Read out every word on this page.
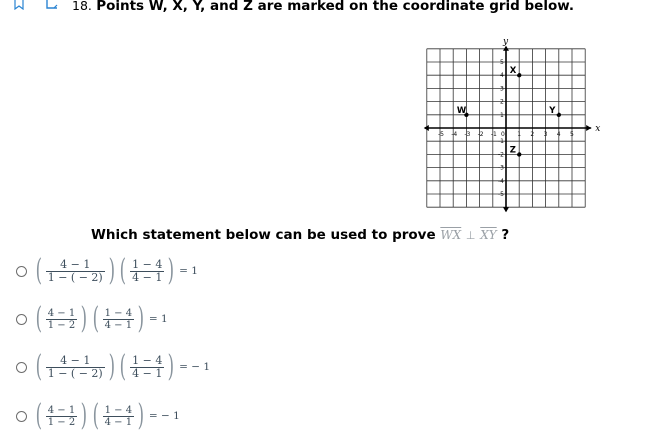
18. Points W, X, Y, and Z are marked on the coordinate grid below.
x
y
-5 -4 -3 -2 -1 0 1 2 3 4 5
1
2
3
4
5
-1
-2
-3
-4
-5
W
X
Y
Z
Which statement below can be used to prove $\overline{WX}$ ⊥ $\overline{XY}$ ?
( $\frac{4 - 1}{1 - ( - 2)}$ ) ( $\frac{1 - 4}{4 - 1}$ ) = 1
( $\frac{4 - 1}{1 - 2}$ ) ( $\frac{1 - 4}{4 - 1}$ ) = 1
( $\frac{4 - 1}{1 - ( - 2)}$ ) ( $\frac{1 - 4}{4 - 1}$ ) = − 1
( $\frac{4 - 1}{1 - 2}$ ) ( $\frac{1 - 4}{4 - 1}$ ) = − 1
